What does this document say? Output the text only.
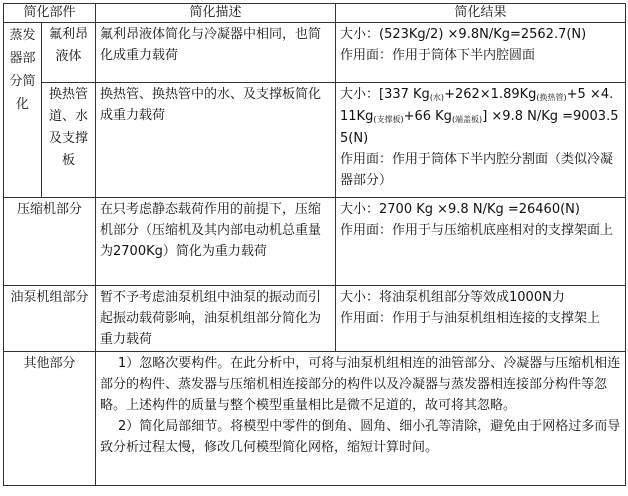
简化部件		简化描述	简化结果
蒸发器部分简化	氟利昂液体	氟利昂液体简化与冷凝器中相同，也简化成重力载荷	大小：(523Kg/2) ×9.8N/Kg=2562.7(N)
作用面：作用于筒体下半内腔圆面

	换热管道、水及支撑板	换热管、换热管中的水、及支撑板简化成重力载荷	大小：[337 $Kg_{(水)}+262\times 1.89Kg_{(换热管)}+5 \times 4.11Kg_{(支撑板)}+66$ $Kg_{(端盖板)}] \times 9.8$ N/Kg =9003.55(N)
作用面：作用于筒体下半内腔分割面（类似冷凝器部分）

压缩机部分		在只考虑静态载荷作用的前提下，压缩机部分（压缩机及其内部电动机总重量为2700Kg）简化为重力载荷	大小：2700 Kg ×9.8 N/Kg =26460(N)
作用面：作用于与压缩机底座相对的支撑架面上

油泵机组部分		暂不予考虑油泵机组中油泵的振动而引起振动载荷影响，油泵机组部分简化为重力载荷	大小：将油泵机组部分等效成1000N力
作用面：作用于与油泵机组相连接的支撑架上

其他部分		1）忽略次要构件。在此分析中，可将与油泵机组相连的油管部分、冷凝器与压缩机相连部分的构件、蒸发器与压缩机相连接部分的构件以及冷凝器与蒸发器相连接部分构件等忽略。上述构件的质量与整个模型重量相比是微不足道的，故可将其忽略。
2）简化局部细节。将模型中零件的倒角、圆角、细小孔等清除，避免由于网格过多而导致分析过程太慢，修改几何模型简化网格，缩短计算时间。	
